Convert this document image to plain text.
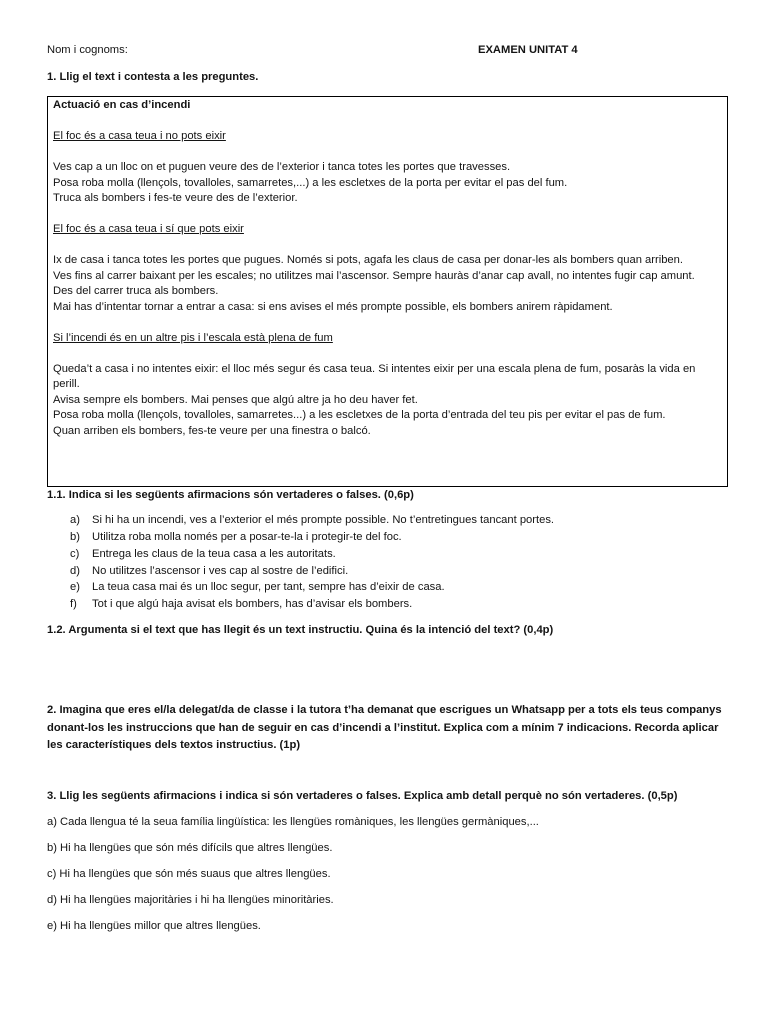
Nom i cognoms:	EXAMEN UNITAT 4
1. Llig el text i contesta a les preguntes.

Actuació en cas d’incendi

El foc és a casa teua i no pots eixir

Ves cap a un lloc on et puguen veure des de l’exterior i tanca totes les portes que travesses.

Posa roba molla (llençols, tovalloles, samarretes,...) a les escletxes de la porta per evitar el pas del fum.

Truca als bombers i fes-te veure des de l’exterior.

El foc és a casa teua i sí que pots eixir

Ix de casa i tanca totes les portes que pugues. Només si pots, agafa les claus de casa per donar-les als bombers quan arriben.

Ves fins al carrer baixant per les escales; no utilitzes mai l’ascensor. Sempre hauràs d’anar cap avall, no intentes fugir cap amunt.

Des del carrer truca als bombers.

Mai has d’intentar tornar a entrar a casa: si ens avises el més prompte possible, els bombers anirem ràpidament.

Si l’incendi és en un altre pis i l’escala està plena de fum

Queda’t a casa i no intentes eixir: el lloc més segur és casa teua. Si intentes eixir per una escala plena de fum, posaràs la vida en perill.

Avisa sempre els bombers. Mai penses que algú altre ja ho deu haver fet.

Posa roba molla (llençols, tovalloles, samarretes...) a les escletxes de la porta d’entrada del teu pis per evitar el pas de fum.

Quan arriben els bombers, fes-te veure per una finestra o balcó.

1.1. Indica si les següents afirmacions són vertaderes o falses. (0,6p)
a)	Si hi ha un incendi, ves a l’exterior el més prompte possible. No t’entretingues tancant portes.
b)	Utilitza roba molla només per a posar-te-la i protegir-te del foc.
c)	Entrega les claus de la teua casa a les autoritats.
d)	No utilitzes l’ascensor i ves cap al sostre de l’edifici.
e)	La teua casa mai és un lloc segur, per tant, sempre has d’eixir de casa.
f)	Tot i que algú haja avisat els bombers, has d’avisar els bombers.
1.2. Argumenta si el text que has llegit és un text instructiu. Quina és la intenció del text? (0,4p)
2. Imagina que eres el/la delegat/da de classe i la tutora t’ha demanat que escrigues un Whatsapp per a tots els teus companys donant-los les instruccions que han de seguir en cas d’incendi a l’institut. Explica com a mínim 7 indicacions. Recorda aplicar les característiques dels textos instructius. (1p)
3. Llig les següents afirmacions i indica si són vertaderes o falses. Explica amb detall perquè no són vertaderes. (0,5p)
a) Cada llengua té la seua família lingüística: les llengües romàniques, les llengües germàniques,...
b) Hi ha llengües que són més difícils que altres llengües.
c) Hi ha llengües que són més suaus que altres llengües.
d) Hi ha llengües majoritàries i hi ha llengües minoritàries.
e) Hi ha llengües millor que altres llengües.
